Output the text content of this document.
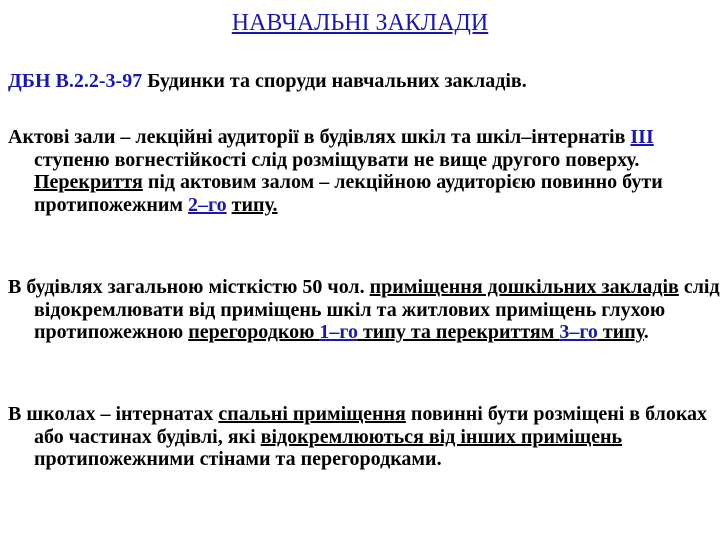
НАВЧАЛЬНІ ЗАКЛАДИ
ДБН В.2.2-3-97 Будинки та споруди навчальних закладів.
Актові зали – лекційні аудиторії в будівлях шкіл та шкіл–інтернатів ІІІ ступеню вогнестійкості слід розміщувати не вище другого поверху. Перекриття під актовим залом – лекційною аудиторією повинно бути протипожежним 2–го типу.
В будівлях загальною місткістю 50 чол. приміщення дошкільних закладів слід відокремлювати від приміщень шкіл та житлових приміщень глухою протипожежною перегородкою 1–го типу та перекриттям 3–го типу.
В школах – інтернатах спальні приміщення повинні бути розміщені в блоках або частинах будівлі, які відокремлюються від інших приміщень протипожежними стінами та перегородками.
